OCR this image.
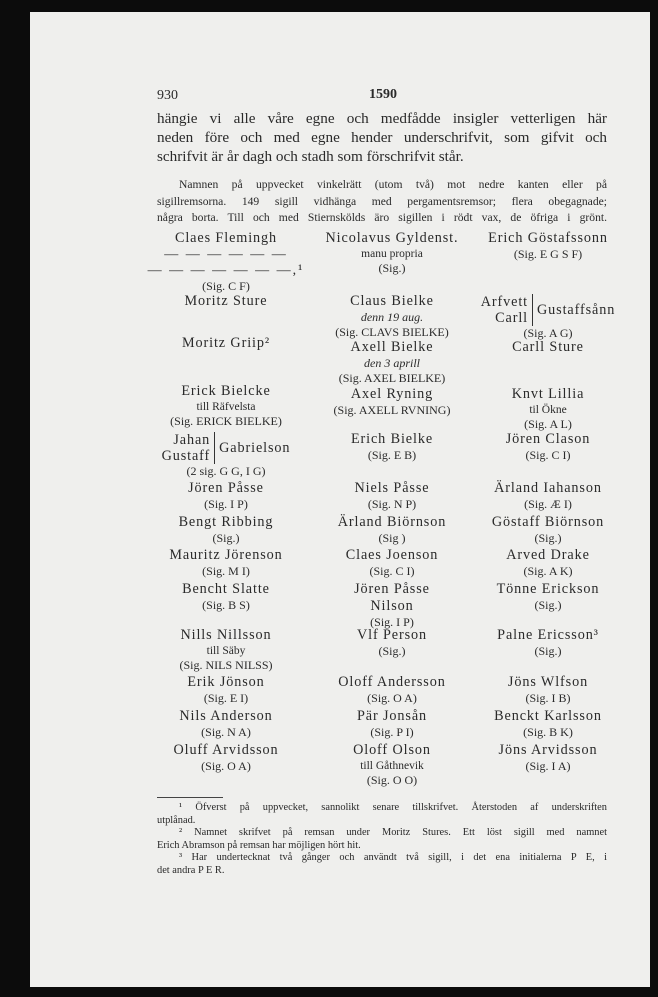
930	1590
hängie vi alle våre egne och medfådde insigler vetterligen här
neden före och med egne hender underschrifvit, som gifvit och
schrifvit är år dagh och stadh som förschrifvit står.
Namnen på uppvecket vinkelrätt (utom två) mot nedre kanten eller på
sigillremsorna. 149 sigill vidhänga med pergamentsremsor; flera obegagnade;
några borta. Till och med Stiernskölds äro sigillen i rödt vax, de öfriga i grönt.
Claes Flemingh
— — — — — —
— — — — — — —,¹
(Sig. C F)
Moritz Sture
Moritz Griip²
Erick Bielcke
till Räfvelsta
(Sig. ERICK BIELKE)
Jahan
Gustaff
Gabrielson
(2 sig. G G, I G)
Jören Påsse
(Sig. I P)
Bengt Ribbing
(Sig.)
Mauritz Jörenson
(Sig. M I)
Bencht Slatte
(Sig. B S)
Nills Nillsson
till Säby
(Sig. NILS NILSS)
Erik Jönson
(Sig. E I)
Nils Anderson
(Sig. N A)
Oluff Arvidsson
(Sig. O A)
Nicolavus Gyldenst.
manu propria
(Sig.)
Claus Bielke
denn 19 aug.
(Sig. CLAVS BIELKE)
Axell Bielke
den 3 aprill
(Sig. AXEL BIELKE)
Axel Ryning
(Sig. AXELL RVNING)
Erich Bielke
(Sig. E B)
Niels Påsse
(Sig. N P)
Ärland Biörnson
(Sig )
Claes Joenson
(Sig. C I)
Jören Påsse
Nilson
(Sig. I P)
Vlf Person
(Sig.)
Oloff Andersson
(Sig. O A)
Pär Jonsån
(Sig. P I)
Oloff Olson
till Gåthnevik
(Sig. O O)
Erich Göstafssonn
(Sig. E G S F)
Arfvett
Carll
Gustaffsånn
(Sig. A G)
Carll Sture
Knvt Lillia
til Ökne
(Sig. A L)
Jören Clason
(Sig. C I)
Ärland Iahanson
(Sig. Æ I)
Göstaff Biörnson
(Sig.)
Arved Drake
(Sig. A K)
Tönne Erickson
(Sig.)
Palne Ericsson³
(Sig.)
Jöns Wlfson
(Sig. I B)
Benckt Karlsson
(Sig. B K)
Jöns Arvidsson
(Sig. I A)
¹ Öfverst på uppvecket, sannolikt senare tillskrifvet. Återstoden af underskriften
utplånad.
² Namnet skrifvet på remsan under Moritz Stures. Ett löst sigill med namnet
Erich Abramson på remsan har möjligen hört hit.
³ Har undertecknat två gånger och användt två sigill, i det ena initialerna P E, i
det andra P E R.
